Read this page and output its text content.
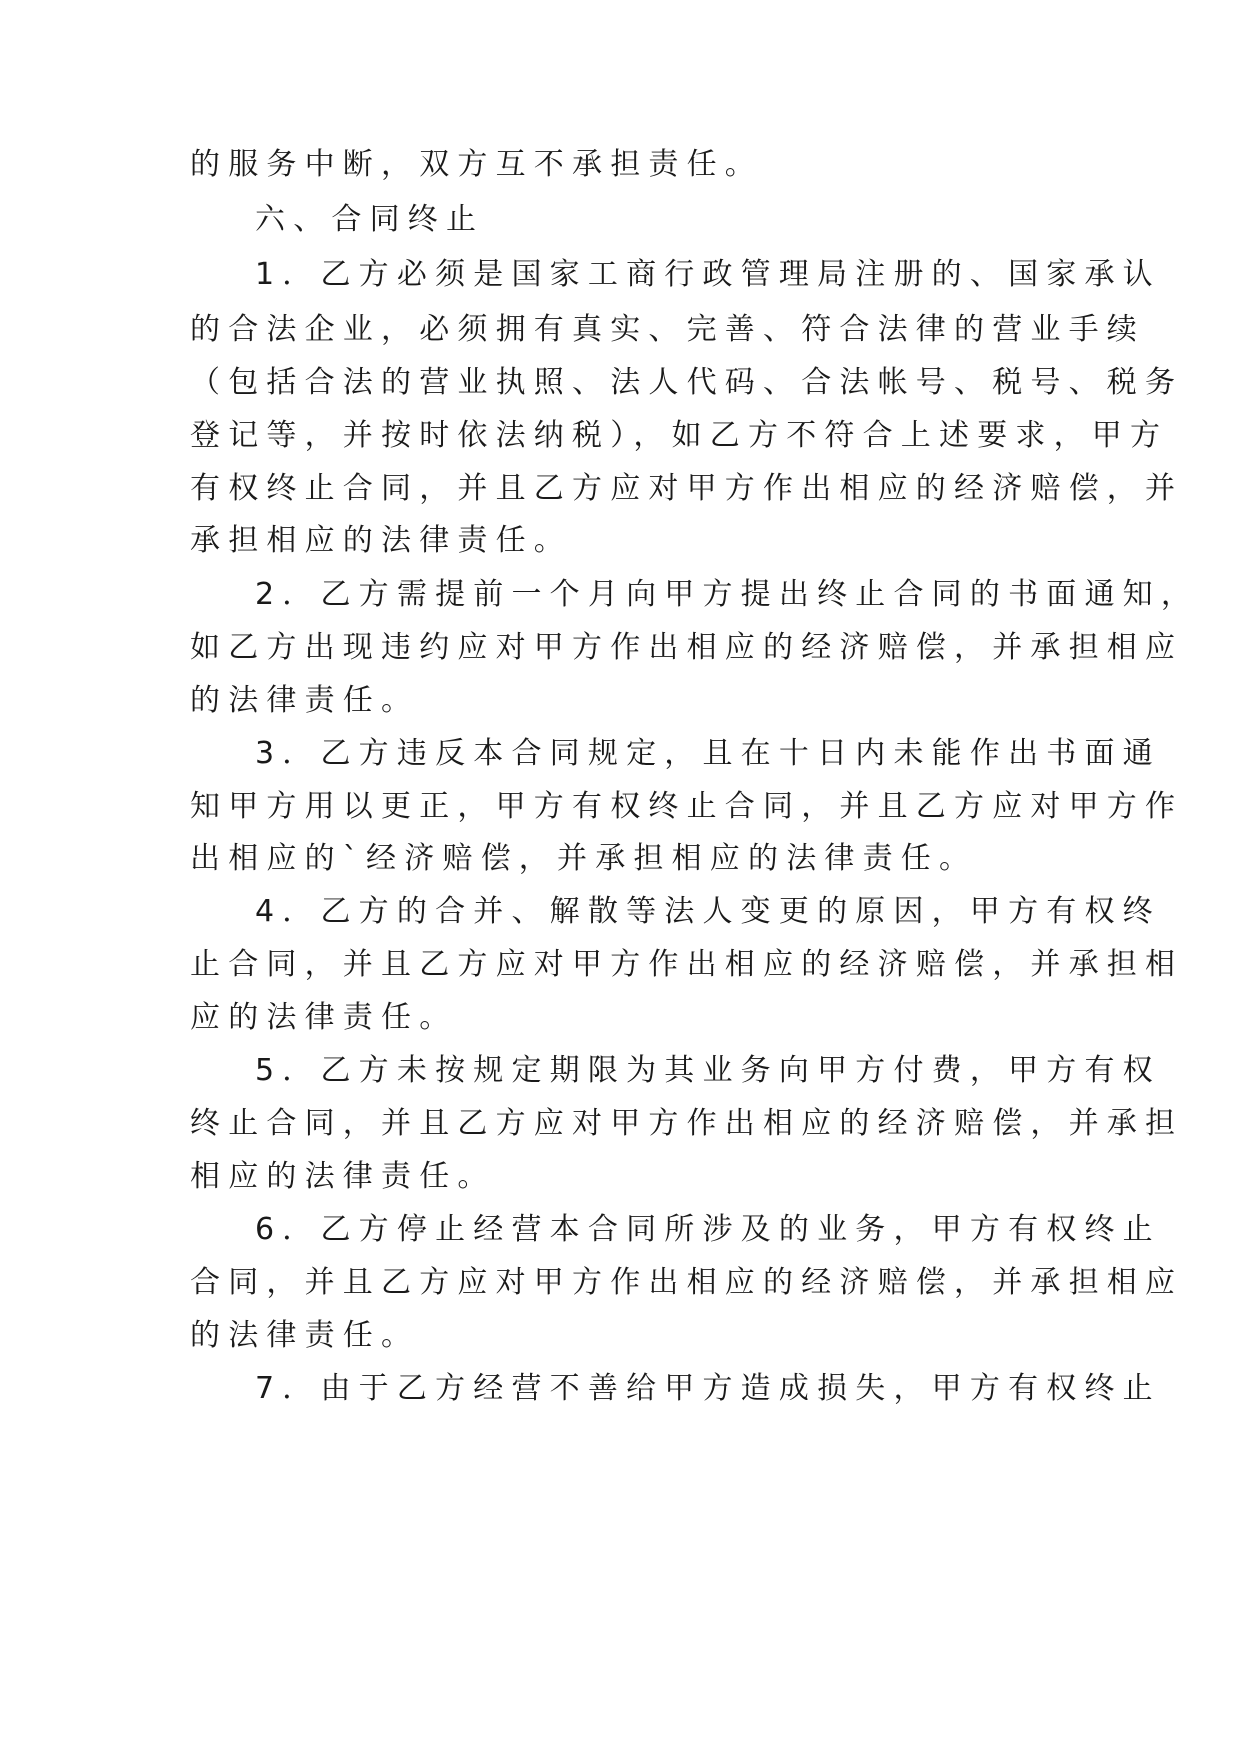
的服务中断，双方互不承担责任。
六、合同终止
1．乙方必须是国家工商行政管理局注册的、国家承认
的合法企业，必须拥有真实、完善、符合法律的营业手续
（包括合法的营业执照、法人代码、合法帐号、税号、税务
登记等，并按时依法纳税），如乙方不符合上述要求，甲方
有权终止合同，并且乙方应对甲方作出相应的经济赔偿，并
承担相应的法律责任。
2．乙方需提前一个月向甲方提出终止合同的书面通知，
如乙方出现违约应对甲方作出相应的经济赔偿，并承担相应
的法律责任。
3．乙方违反本合同规定，且在十日内未能作出书面通
知甲方用以更正，甲方有权终止合同，并且乙方应对甲方作
出相应的`经济赔偿，并承担相应的法律责任。
4．乙方的合并、解散等法人变更的原因，甲方有权终
止合同，并且乙方应对甲方作出相应的经济赔偿，并承担相
应的法律责任。
5．乙方未按规定期限为其业务向甲方付费，甲方有权
终止合同，并且乙方应对甲方作出相应的经济赔偿，并承担
相应的法律责任。
6．乙方停止经营本合同所涉及的业务，甲方有权终止
合同，并且乙方应对甲方作出相应的经济赔偿，并承担相应
的法律责任。
7．由于乙方经营不善给甲方造成损失，甲方有权终止
